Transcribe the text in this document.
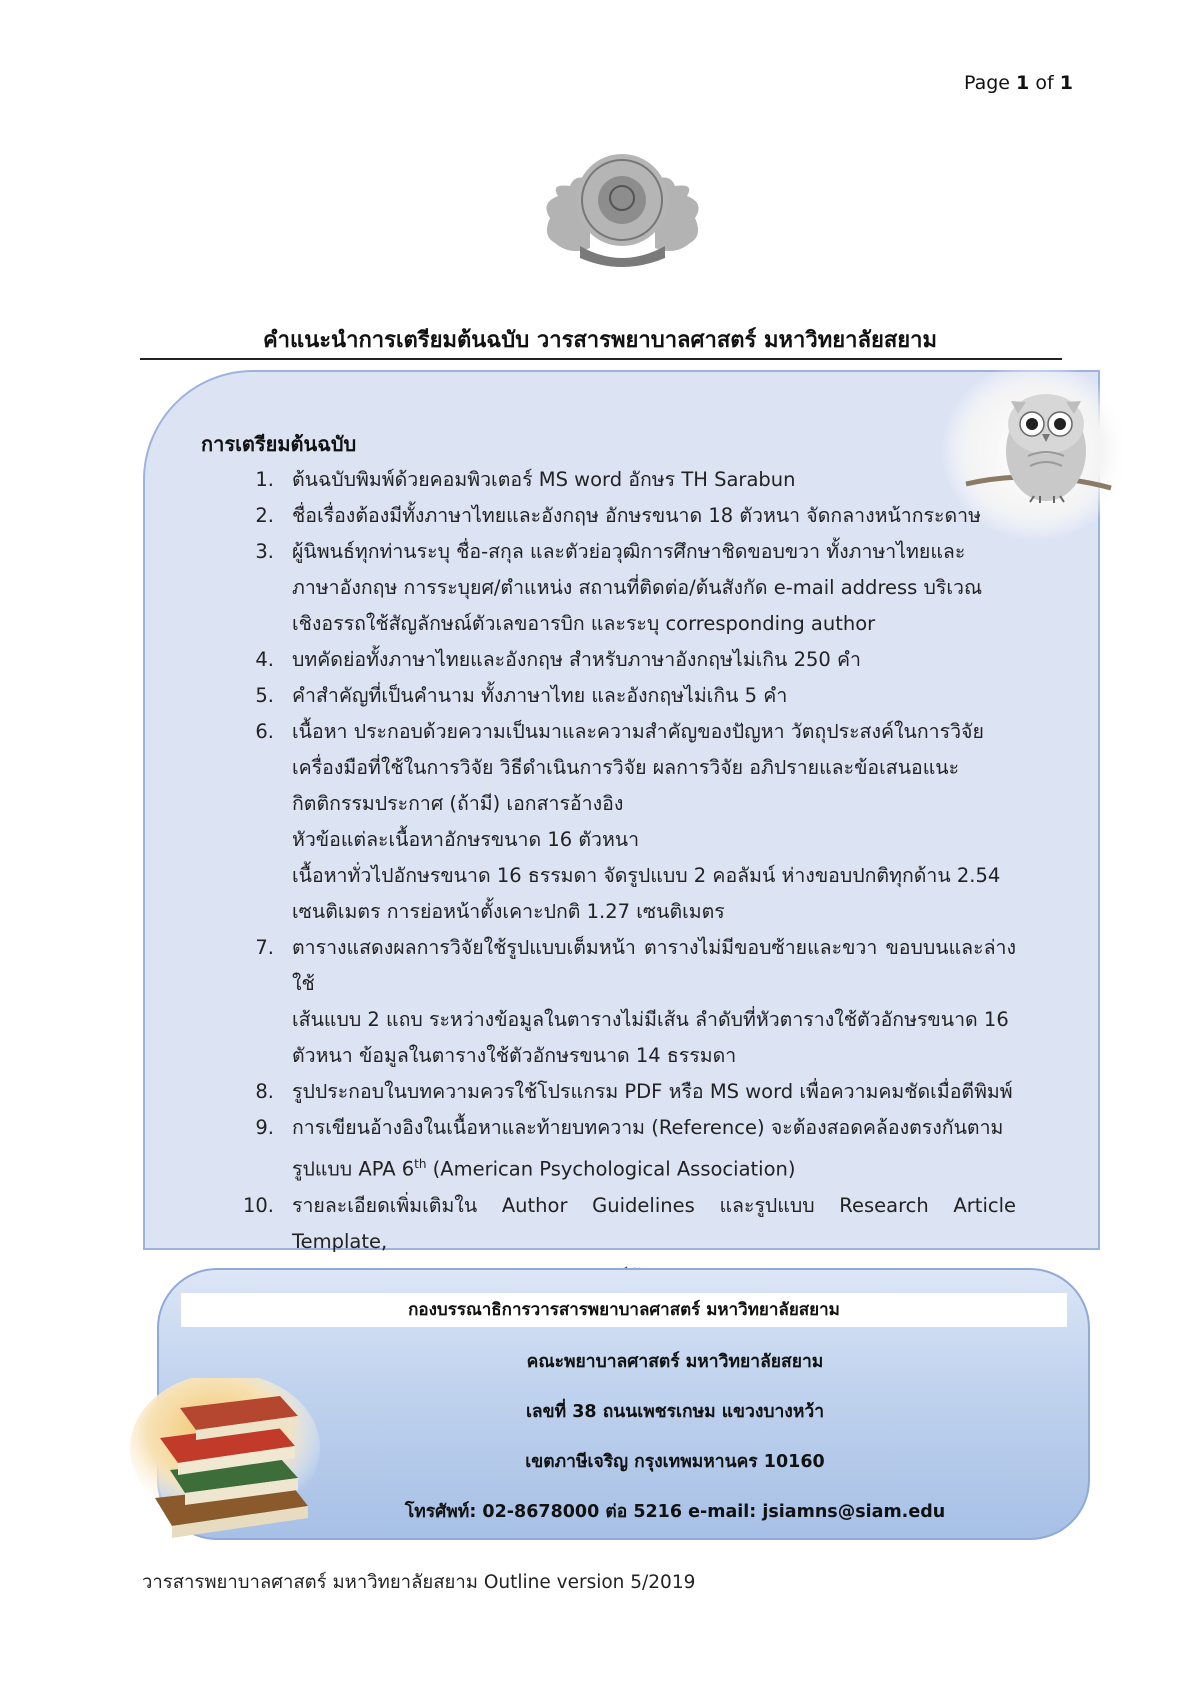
Page 1 of 1
คำแนะนำการเตรียมต้นฉบับ วารสารพยาบาลศาสตร์ มหาวิทยาลัยสยาม
การเตรียมต้นฉบับ
1. ต้นฉบับพิมพ์ด้วยคอมพิวเตอร์ MS word อักษร TH Sarabun
2. ชื่อเรื่องต้องมีทั้งภาษาไทยและอังกฤษ อักษรขนาด 18 ตัวหนา จัดกลางหน้ากระดาษ
3. ผู้นิพนธ์ทุกท่านระบุ ชื่อ-สกุล และตัวย่อวุฒิการศึกษาชิดขอบขวา ทั้งภาษาไทยและ
ภาษาอังกฤษ การระบุยศ/ตำแหน่ง สถานที่ติดต่อ/ต้นสังกัด e-mail address บริเวณ
เชิงอรรถใช้สัญลักษณ์ตัวเลขอารบิก และระบุ corresponding author
4. บทคัดย่อทั้งภาษาไทยและอังกฤษ สำหรับภาษาอังกฤษไม่เกิน 250 คำ
5. คำสำคัญที่เป็นคำนาม ทั้งภาษาไทย และอังกฤษไม่เกิน 5 คำ
6. เนื้อหา ประกอบด้วยความเป็นมาและความสำคัญของปัญหา วัตถุประสงค์ในการวิจัย
เครื่องมือที่ใช้ในการวิจัย วิธีดำเนินการวิจัย ผลการวิจัย อภิปรายและข้อเสนอแนะ
กิตติกรรมประกาศ (ถ้ามี) เอกสารอ้างอิง
หัวข้อแต่ละเนื้อหาอักษรขนาด 16 ตัวหนา
เนื้อหาทั่วไปอักษรขนาด 16 ธรรมดา จัดรูปแบบ 2 คอลัมน์ ห่างขอบปกติทุกด้าน 2.54
เซนติเมตร การย่อหน้าตั้งเคาะปกติ 1.27 เซนติเมตร
7. ตารางแสดงผลการวิจัยใช้รูปแบบเต็มหน้า ตารางไม่มีขอบซ้ายและขวา ขอบบนและล่างใช้
เส้นแบบ 2 แถบ ระหว่างข้อมูลในตารางไม่มีเส้น ลำดับที่หัวตารางใช้ตัวอักษรขนาด 16
ตัวหนา ข้อมูลในตารางใช้ตัวอักษรขนาด 14 ธรรมดา
8. รูปประกอบในบทความควรใช้โปรแกรม PDF หรือ MS word เพื่อความคมชัดเมื่อตีพิมพ์
9. การเขียนอ้างอิงในเนื้อหาและท้ายบทความ (Reference) จะต้องสอดคล้องตรงกันตาม
รูปแบบ APA 6th (American Psychological Association)
10. รายละเอียดเพิ่มเติมใน Author Guidelines และรูปแบบ Research Article Template,
กองบรรณาธิการวารสารพยาบาลศาสตร์ มหาวิทยาลัยสยาม
คณะพยาบาลศาสตร์ มหาวิทยาลัยสยาม
เลขที่ 38 ถนนเพชรเกษม แขวงบางหว้า
เขตภาษีเจริญ กรุงเทพมหานคร 10160
โทรศัพท์: 02-8678000 ต่อ 5216 e-mail: jsiamns@siam.edu
วารสารพยาบาลศาสตร์ มหาวิทยาลัยสยาม Outline version 5/2019
